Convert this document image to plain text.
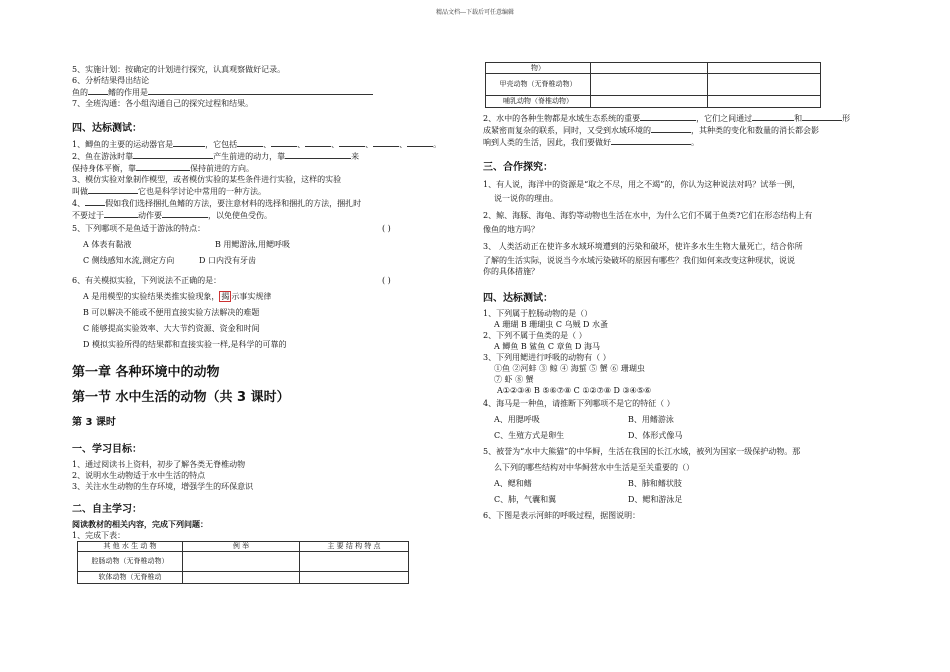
精品文档---下载后可任意编辑
5、实施计划：按确定的计划进行探究，认真观察做好记录。
6、分析结果得出结论
鱼的	鳍的作用是
7、全班沟通：各小组沟通自己的探究过程和结果。
四、达标测试：
1、鲫鱼的主要的运动器官是	，它包括	、	、	、	、	、	。
2、鱼在游泳时靠	产生前进的动力，靠	来
保持身体平衡，靠	保持前进的方向。
3、模仿实验对象制作模型，或者模仿实验的某些条件进行实验，这样的实验
叫做	它也是科学讨论中常用的一种方法。
4、	假如我们选择捆扎鱼鳍的方法，要注意材料的选择和捆扎的方法，捆扎时
不要过于	动作要	，以免使鱼受伤。
5、下列哪项不是鱼适于游泳的特点：	( )
A 体表有黏液	B 用鳃游泳,用鳃呼吸
C 侧线感知水流,测定方向	D 口内没有牙齿
6、有关模拟实验，下列说法不正确的是：	( )
A 是用模型的实验结果类推实验现象， 揭 示事实规律
B 可以解决不能或不便用直接实验方法解决的难题
C 能够提高实验效率、大大节约资源、资金和时间
D 模拟实验所得的结果都和直接实验一样,是科学的可靠的
第一章 各种环境中的动物
第一节 水中生活的动物（共 3 课时）
第 3 课时
一、学习目标：
1、通过阅读书上资料，初步了解各类无脊椎动物
2、说明水生动物适于水中生活的特点
3、关注水生动物的生存环境，增强学生的环保意识
二、自主学习：
阅读教材的相关内容，完成下列问题：
1、完成下表：
其 他 水 生 动 物	例 举	主 要 结 构 特 点
腔肠动物（无脊椎动物）		
软体动物（无脊椎动		
物）		
甲壳动物（无脊椎动物）		
哺乳动物（脊椎动物）		
2、水中的各种生物都是水域生态系统的重要	，它们之间通过	和	形
成紧密而复杂的联系，同时，又受到水域环境的	，其种类的变化和数量的消长都会影
响到人类的生活，因此，我们要做好	。
三、合作探究：
1、有人说，海洋中的资源是“取之不尽，用之不竭”的，你认为这种说法对吗？试举一例，
说一说你的理由。
2、鲸、海豚、海龟、海豹等动物也生活在水中，为什么它们不属于鱼类?它们在形态结构上有
像鱼的地方吗？
3、 人类活动正在使许多水域环境遭到的污染和破坏，使许多水生生物大量死亡，结合你所
了解的生活实际，说说当今水域污染破坏的原因有哪些？我们如何来改变这种现状，说说
你的具体措施？
四、达标测试：
1、下列属于腔肠动物的是（）
A 珊瑚 B 珊瑚虫 C 乌贼 D 水蚤
2、下列不属于鱼类的是（ ）
A 鲫鱼 B 鲨鱼 C 章鱼 D 海马
3、下列用鳃进行呼吸的动物有（ ）
①鱼 ②河蚌 ③ 鲸 ④ 海蜇 ⑤ 蟹 ⑥ 珊瑚虫
⑦ 虾 ⑧ 蟹
A①②③④ B ⑤⑥⑦⑧ C ①②⑦⑧ D ③④⑤⑥
4、海马是一种鱼，请推断下列哪项不是它的特征（ ）
A、用腮呼吸	B、用鳍游泳
C、生殖方式是卵生	D、体形式像马
5、被誉为“水中大熊猫”的中华鲟，生活在我国的长江水域，被列为国家一级保护动物。那
么下列的哪些结构对中华鲟营水中生活是至关重要的（）
A、鳃和鳍	B、肺和鳍状肢
C、肺，气囊和翼	D、鳃和游泳足
6、下图是表示河蚌的呼吸过程，据图说明：
